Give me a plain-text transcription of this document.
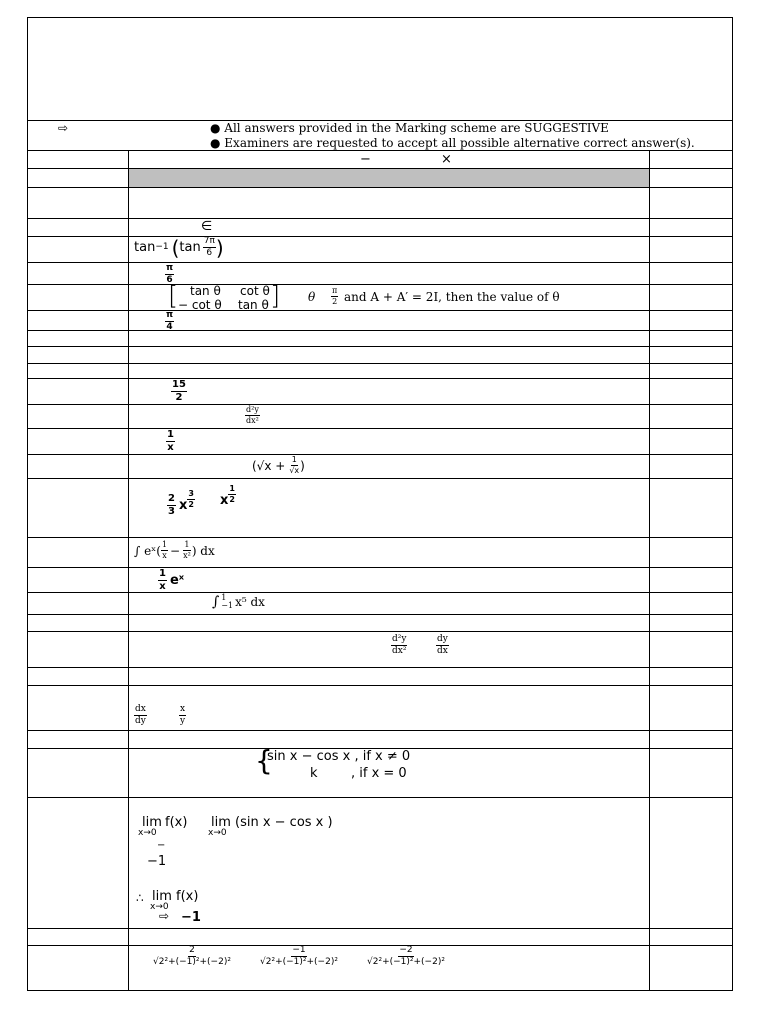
⇨	● All answers provided in the Marking scheme are SUGGESTIVE
● Examiners are requested to accept all possible alternative correct answer(s).
−	×
∈
tan −1 ( $\tan \frac{7\pi}{6}$ )
$\frac{\pi}{6}$
[ tan θ cot θ
− cot θ tan θ ] θ $\frac{\pi}{2}$ and A + A′ = 2I, then the value of θ
$\frac{\pi}{4}$
$\frac{15}{2}$
$\frac{\text{d²y}}{\text{dx²}}$
$\frac{1}{x}$
($√x + \frac{1}{√x}$ )
$\frac{2}{3}$ x $\frac{3}{2}$ x $\frac{1}{2}$
∫ eˣ( $\frac{1}{x} - \frac{1}{\text{x²}}$ ) dx
$\frac{1}{x}$ eˣ
∫ 1
−1 x⁵ dx
$\frac{\text{d²y}}{\text{dx²}}$	$\frac{dy}{dx}$
$\frac{dx}{dy}$	$\frac{x}{y}$
{
sin x − cos x , if x ≠ 0
k	, if x = 0
lim
x→0
f(x) lim
x→0
(sin x − cos x )
−
−1
∴ lim
x→0
f(x)
⇨ −1
$\frac{2}{\text{√2²+(−1)²+(−2)²}}$	$\frac{-1}{\text{√2²+(−1)²+(−2)²}}$	$\frac{-2}{\text{√2²+(−1)²+(−2)²}}$
